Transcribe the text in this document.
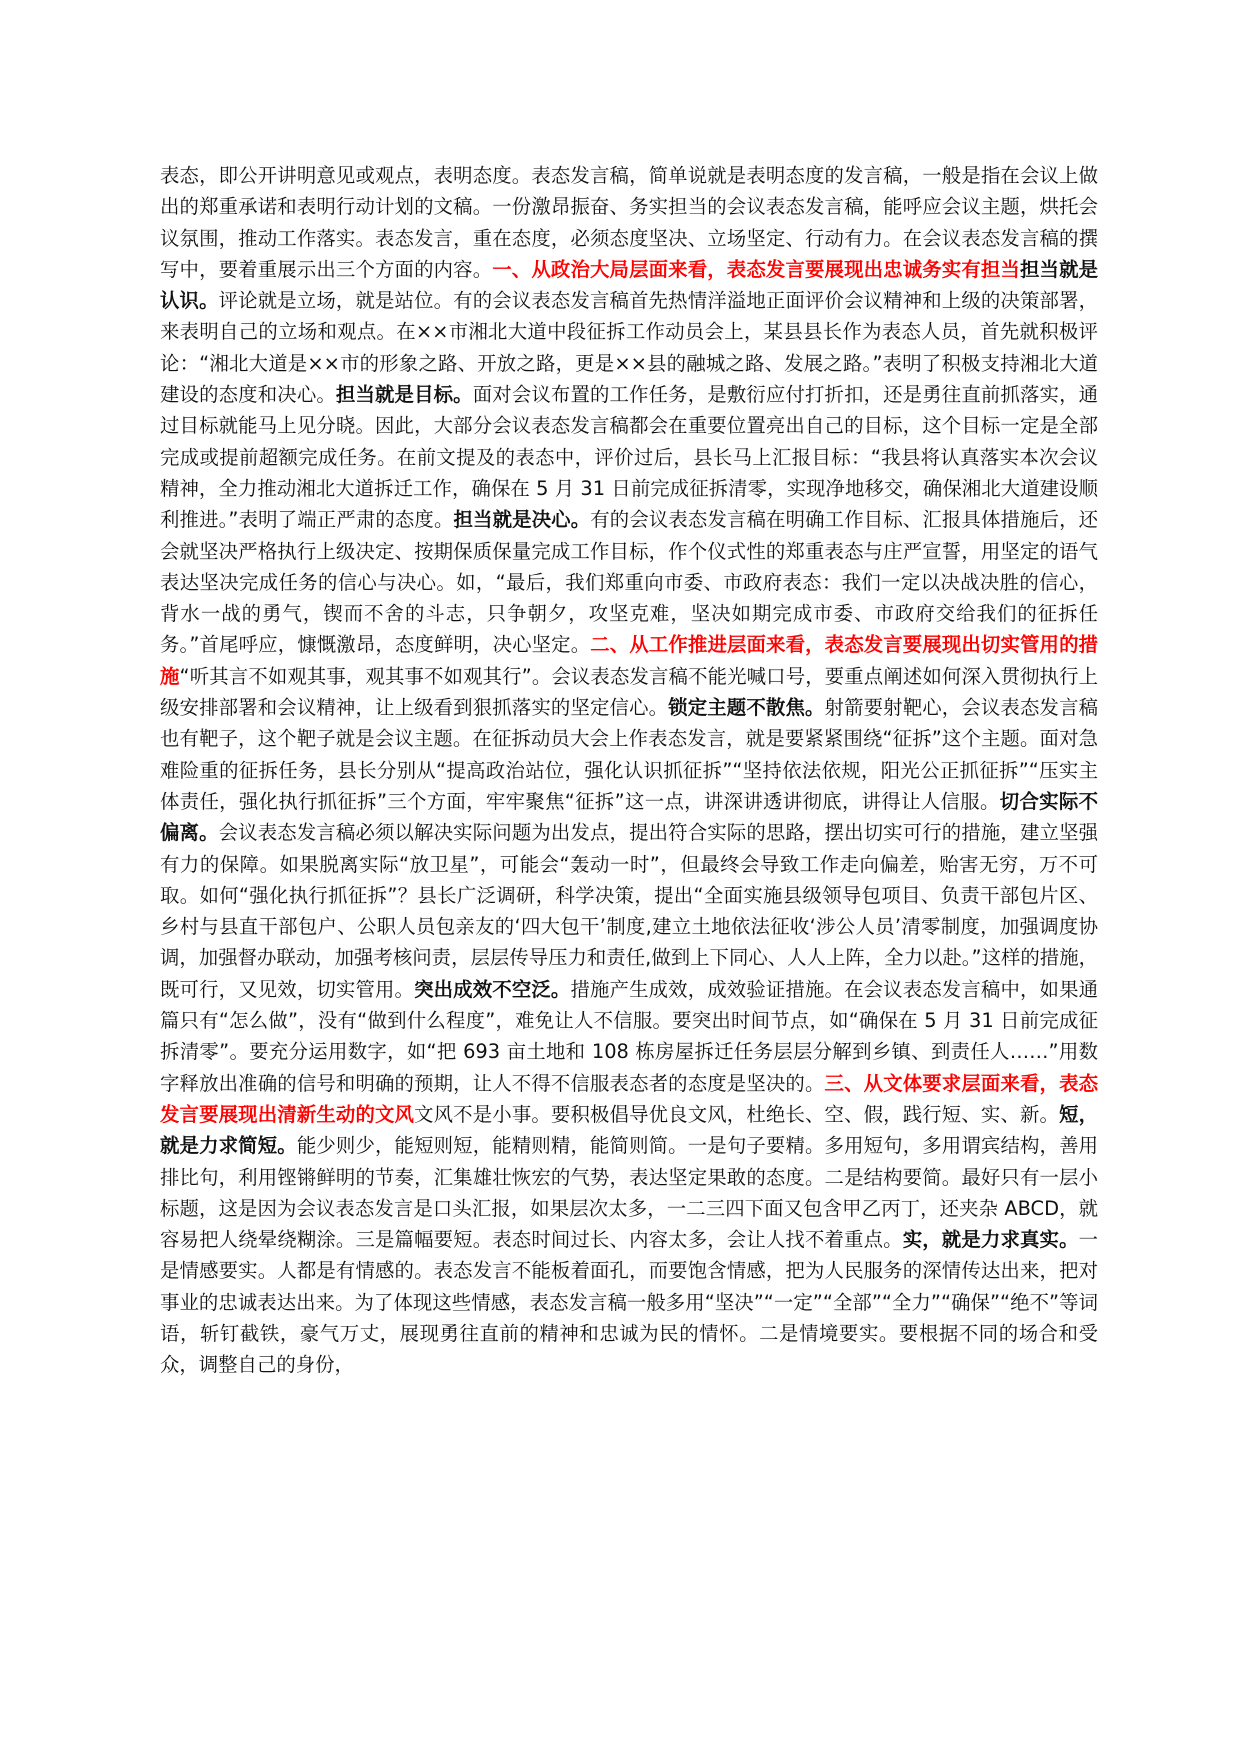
表态，即公开讲明意见或观点，表明态度。表态发言稿，简单说就是表明态度的发言稿，一般是指在会议上做出的郑重承诺和表明行动计划的文稿。一份激昂振奋、务实担当的会议表态发言稿，能呼应会议主题，烘托会议氛围，推动工作落实。表态发言，重在态度，必须态度坚决、立场坚定、行动有力。在会议表态发言稿的撰写中，要着重展示出三个方面的内容。一、从政治大局层面来看，表态发言要展现出忠诚务实有担当担当就是认识。评论就是立场，就是站位。有的会议表态发言稿首先热情洋溢地正面评价会议精神和上级的决策部署，来表明自己的立场和观点。在××市湘北大道中段征拆工作动员会上，某县县长作为表态人员，首先就积极评论：“湘北大道是××市的形象之路、开放之路，更是××县的融城之路、发展之路。”表明了积极支持湘北大道建设的态度和决心。担当就是目标。面对会议布置的工作任务，是敷衍应付打折扣，还是勇往直前抓落实，通过目标就能马上见分晓。因此，大部分会议表态发言稿都会在重要位置亮出自己的目标，这个目标一定是全部完成或提前超额完成任务。在前文提及的表态中，评价过后，县长马上汇报目标：“我县将认真落实本次会议精神，全力推动湘北大道拆迁工作，确保在 5 月 31 日前完成征拆清零，实现净地移交，确保湘北大道建设顺利推进。”表明了端正严肃的态度。担当就是决心。有的会议表态发言稿在明确工作目标、汇报具体措施后，还会就坚决严格执行上级决定、按期保质保量完成工作目标，作个仪式性的郑重表态与庄严宣誓，用坚定的语气表达坚决完成任务的信心与决心。如，“最后，我们郑重向市委、市政府表态：我们一定以决战决胜的信心，背水一战的勇气，锲而不舍的斗志，只争朝夕，攻坚克难，坚决如期完成市委、市政府交给我们的征拆任务。”首尾呼应，慷慨激昂，态度鲜明，决心坚定。二、从工作推进层面来看，表态发言要展现出切实管用的措施“听其言不如观其事，观其事不如观其行”。会议表态发言稿不能光喊口号，要重点阐述如何深入贯彻执行上级安排部署和会议精神，让上级看到狠抓落实的坚定信心。锁定主题不散焦。射箭要射靶心，会议表态发言稿也有靶子，这个靶子就是会议主题。在征拆动员大会上作表态发言，就是要紧紧围绕“征拆”这个主题。面对急难险重的征拆任务，县长分别从“提高政治站位，强化认识抓征拆”“坚持依法依规，阳光公正抓征拆”“压实主体责任，强化执行抓征拆”三个方面，牢牢聚焦“征拆”这一点，讲深讲透讲彻底，讲得让人信服。切合实际不偏离。会议表态发言稿必须以解决实际问题为出发点，提出符合实际的思路，摆出切实可行的措施，建立坚强有力的保障。如果脱离实际“放卫星”，可能会“轰动一时”，但最终会导致工作走向偏差，贻害无穷，万不可取。如何“强化执行抓征拆”？县长广泛调研，科学决策，提出“全面实施县级领导包项目、负责干部包片区、乡村与县直干部包户、公职人员包亲友的‘四大包干’制度,建立土地依法征收‘涉公人员’清零制度，加强调度协调，加强督办联动，加强考核问责，层层传导压力和责任,做到上下同心、人人上阵，全力以赴。”这样的措施，既可行，又见效，切实管用。突出成效不空泛。措施产生成效，成效验证措施。在会议表态发言稿中，如果通篇只有“怎么做”，没有“做到什么程度”，难免让人不信服。要突出时间节点，如“确保在 5 月 31 日前完成征拆清零”。要充分运用数字，如“把 693 亩土地和 108 栋房屋拆迁任务层层分解到乡镇、到责任人……”用数字释放出准确的信号和明确的预期，让人不得不信服表态者的态度是坚决的。三、从文体要求层面来看，表态发言要展现出清新生动的文风文风不是小事。要积极倡导优良文风，杜绝长、空、假，践行短、实、新。短，就是力求简短。能少则少，能短则短，能精则精，能简则简。一是句子要精。多用短句，多用谓宾结构，善用排比句，利用铿锵鲜明的节奏，汇集雄壮恢宏的气势，表达坚定果敢的态度。二是结构要简。最好只有一层小标题，这是因为会议表态发言是口头汇报，如果层次太多，一二三四下面又包含甲乙丙丁，还夹杂 ABCD，就容易把人绕晕绕糊涂。三是篇幅要短。表态时间过长、内容太多，会让人找不着重点。实，就是力求真实。一是情感要实。人都是有情感的。表态发言不能板着面孔，而要饱含情感，把为人民服务的深情传达出来，把对事业的忠诚表达出来。为了体现这些情感，表态发言稿一般多用“坚决”“一定”“全部”“全力”“确保”“绝不”等词语，斩钉截铁，豪气万丈，展现勇往直前的精神和忠诚为民的情怀。二是情境要实。要根据不同的场合和受众，调整自己的身份，
